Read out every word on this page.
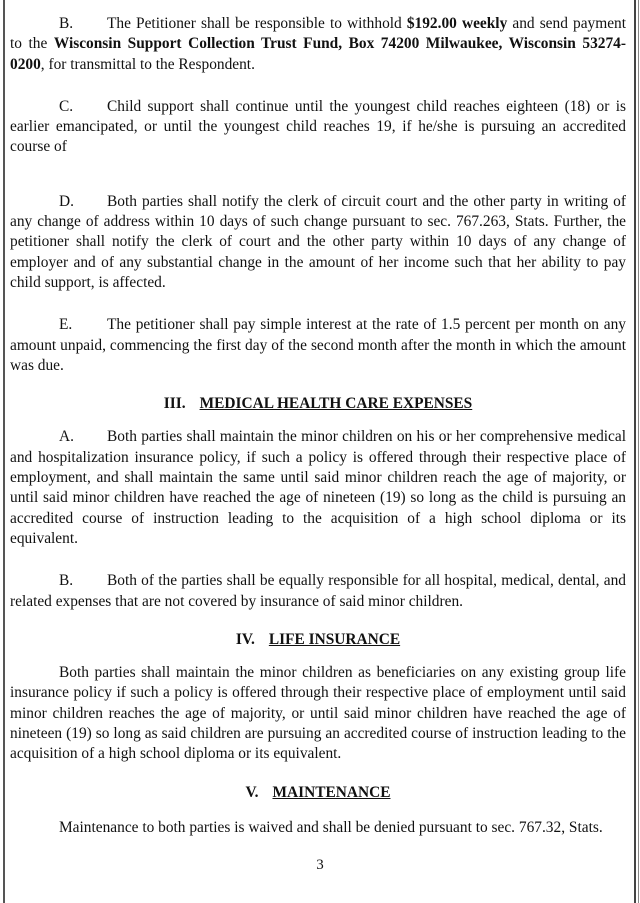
B. The Petitioner shall be responsible to withhold $192.00 weekly and send payment to the Wisconsin Support Collection Trust Fund, Box 74200 Milwaukee, Wisconsin 53274-0200, for transmittal to the Respondent.

C. Child support shall continue until the youngest child reaches eighteen (18) or is earlier emancipated, or until the youngest child reaches 19, if he/she is pursuing an accredited course of

D. Both parties shall notify the clerk of circuit court and the other party in writing of any change of address within 10 days of such change pursuant to sec. 767.263, Stats. Further, the petitioner shall notify the clerk of court and the other party within 10 days of any change of employer and of any substantial change in the amount of her income such that her ability to pay child support, is affected.

E. The petitioner shall pay simple interest at the rate of 1.5 percent per month on any amount unpaid, commencing the first day of the second month after the month in which the amount was due.

III. MEDICAL HEALTH CARE EXPENSES

A. Both parties shall maintain the minor children on his or her comprehensive medical and hospitalization insurance policy, if such a policy is offered through their respective place of employment, and shall maintain the same until said minor children reach the age of majority, or until said minor children have reached the age of nineteen (19) so long as the child is pursuing an accredited course of instruction leading to the acquisition of a high school diploma or its equivalent.

B. Both of the parties shall be equally responsible for all hospital, medical, dental, and related expenses that are not covered by insurance of said minor children.

IV. LIFE INSURANCE

Both parties shall maintain the minor children as beneficiaries on any existing group life insurance policy if such a policy is offered through their respective place of employment until said minor children reaches the age of majority, or until said minor children have reached the age of nineteen (19) so long as said children are pursuing an accredited course of instruction leading to the acquisition of a high school diploma or its equivalent.

V. MAINTENANCE

Maintenance to both parties is waived and shall be denied pursuant to sec. 767.32, Stats.

3
